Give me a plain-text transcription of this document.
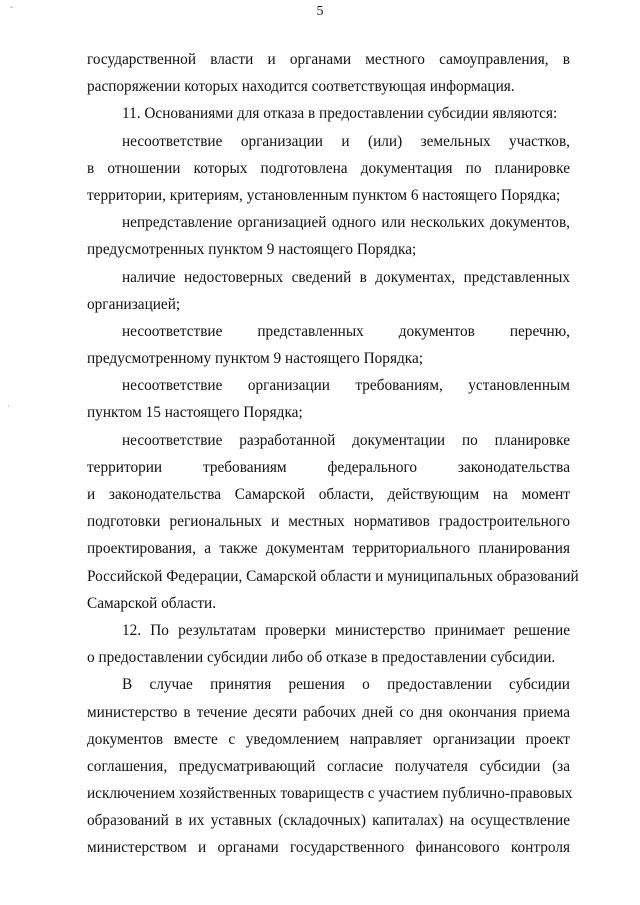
ˇ
·
5
государственной власти и органами местного самоуправления, в
распоряжении которых находится соответствующая информация.
11. Основаниями для отказа в предоставлении субсидии являются:
несоответствие организации и (или) земельных участков,
в отношении которых подготовлена документация по планировке
территории, критериям, установленным пунктом 6 настоящего Порядка;
непредставление организацией одного или нескольких документов,
предусмотренных пунктом 9 настоящего Порядка;
наличие недостоверных сведений в документах, представленных
организацией;
несоответствие представленных документов перечню,
предусмотренному пунктом 9 настоящего Порядка;
несоответствие организации требованиям, установленным
пунктом 15 настоящего Порядка;
несоответствие разработанной документации по планировке
территории требованиям федерального законодательства
и законодательства Самарской области, действующим на момент
подготовки региональных и местных нормативов градостроительного
проектирования, а также документам территориального планирования
Российской Федерации, Самарской области и муниципальных образований
Самарской области.
12. По результатам проверки министерство принимает решение
о предоставлении субсидии либо об отказе в предоставлении субсидии.
В случае принятия решения о предоставлении субсидии
министерство в течение десяти рабочих дней со дня окончания приема
документов вместе с уведомлением направляет организации проект
соглашения, предусматривающий согласие получателя субсидии (за
исключением хозяйственных товариществ с участием публично-правовых
образований в их уставных (складочных) капиталах) на осуществление
министерством и органами государственного финансового контроля
